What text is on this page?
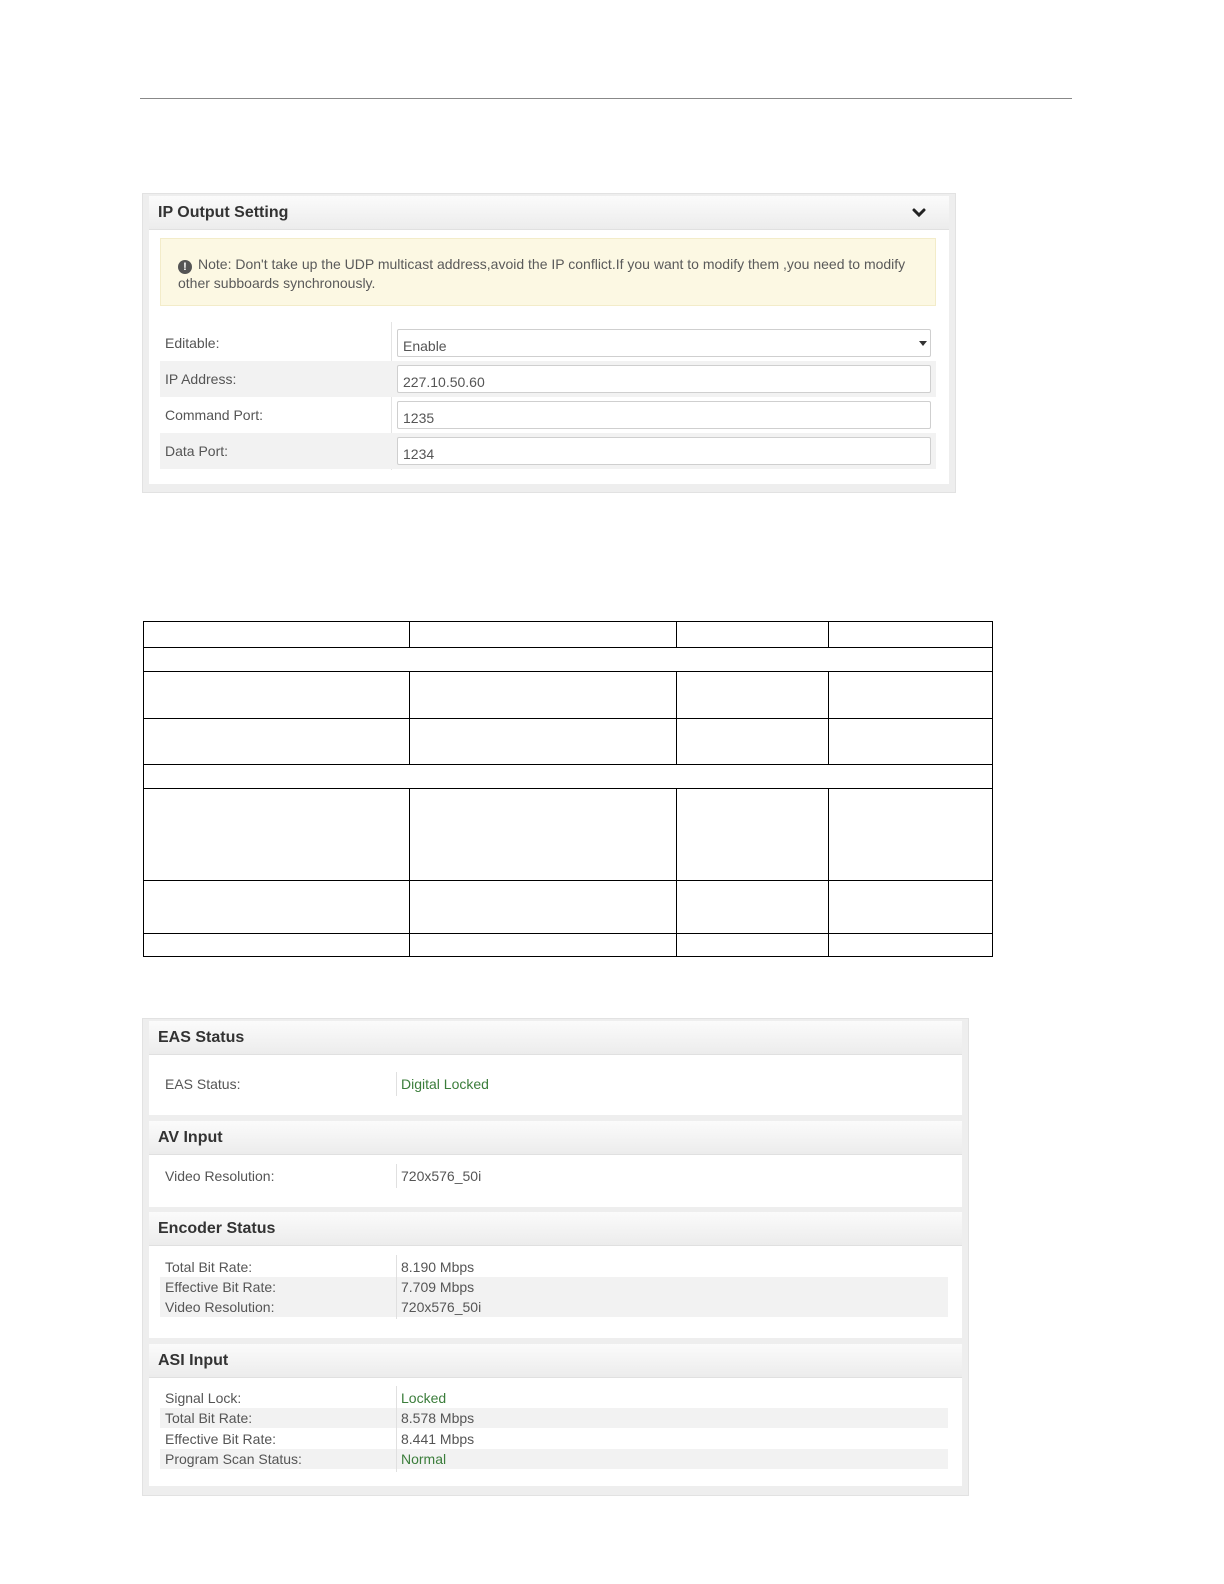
IP Output Setting
! Note: Don't take up the UDP multicast address,avoid the IP conflict.If you want to modify them ,you need to modify other subboards synchronously.
Editable:	Enable
IP Address:	227.10.50.60
Command Port:	1235
Data Port:	1234
EAS Status
EAS Status:	Digital Locked
AV Input
Video Resolution:	720x576_50i
Encoder Status
Total Bit Rate:	8.190 Mbps
Effective Bit Rate:	7.709 Mbps
Video Resolution:	720x576_50i
ASI Input
Signal Lock:	Locked
Total Bit Rate:	8.578 Mbps
Effective Bit Rate:	8.441 Mbps
Program Scan Status:	Normal
